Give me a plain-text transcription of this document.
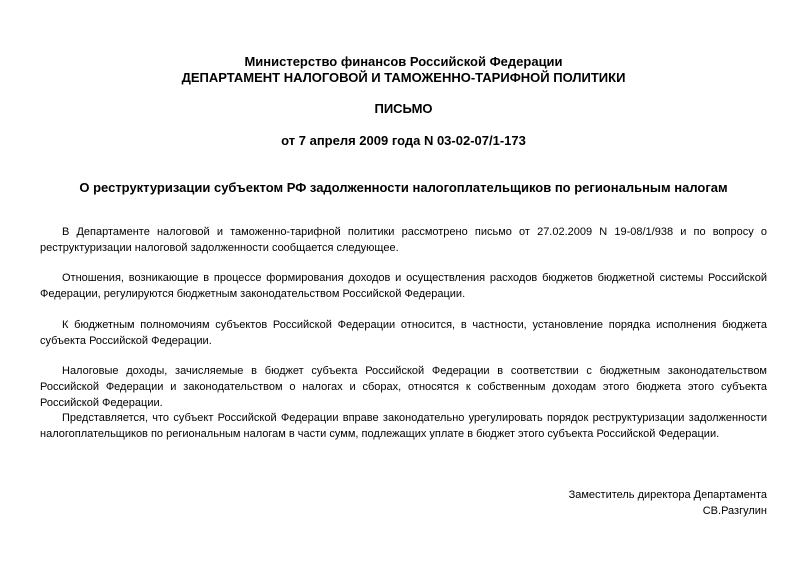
Министерство финансов Российской Федерации
ДЕПАРТАМЕНТ НАЛОГОВОЙ И ТАМОЖЕННО-ТАРИФНОЙ ПОЛИТИКИ
ПИСЬМО
от 7 апреля 2009 года N 03-02-07/1-173
О реструктуризации субъектом РФ задолженности налогоплательщиков по региональным налогам

В Департаменте налоговой и таможенно-тарифной политики рассмотрено письмо от 27.02.2009 N 19-08/1/938 и по вопросу о реструктуризации налоговой задолженности сообщается следующее.

Отношения, возникающие в процессе формирования доходов и осуществления расходов бюджетов бюджетной системы Российской Федерации, регулируются бюджетным законодательством Российской Федерации.

К бюджетным полномочиям субъектов Российской Федерации относится, в частности, установление порядка исполнения бюджета субъекта Российской Федерации.

Налоговые доходы, зачисляемые в бюджет субъекта Российской Федерации в соответствии с бюджетным законодательством Российской Федерации и законодательством о налогах и сборах, относятся к собственным доходам этого бюджета этого субъекта Российской Федерации.

Представляется, что субъект Российской Федерации вправе законодательно урегулировать порядок реструктуризации задолженности налогоплательщиков по региональным налогам в части сумм, подлежащих уплате в бюджет этого субъекта Российской Федерации.

Заместитель директора Департамента
СВ.Разгулин
